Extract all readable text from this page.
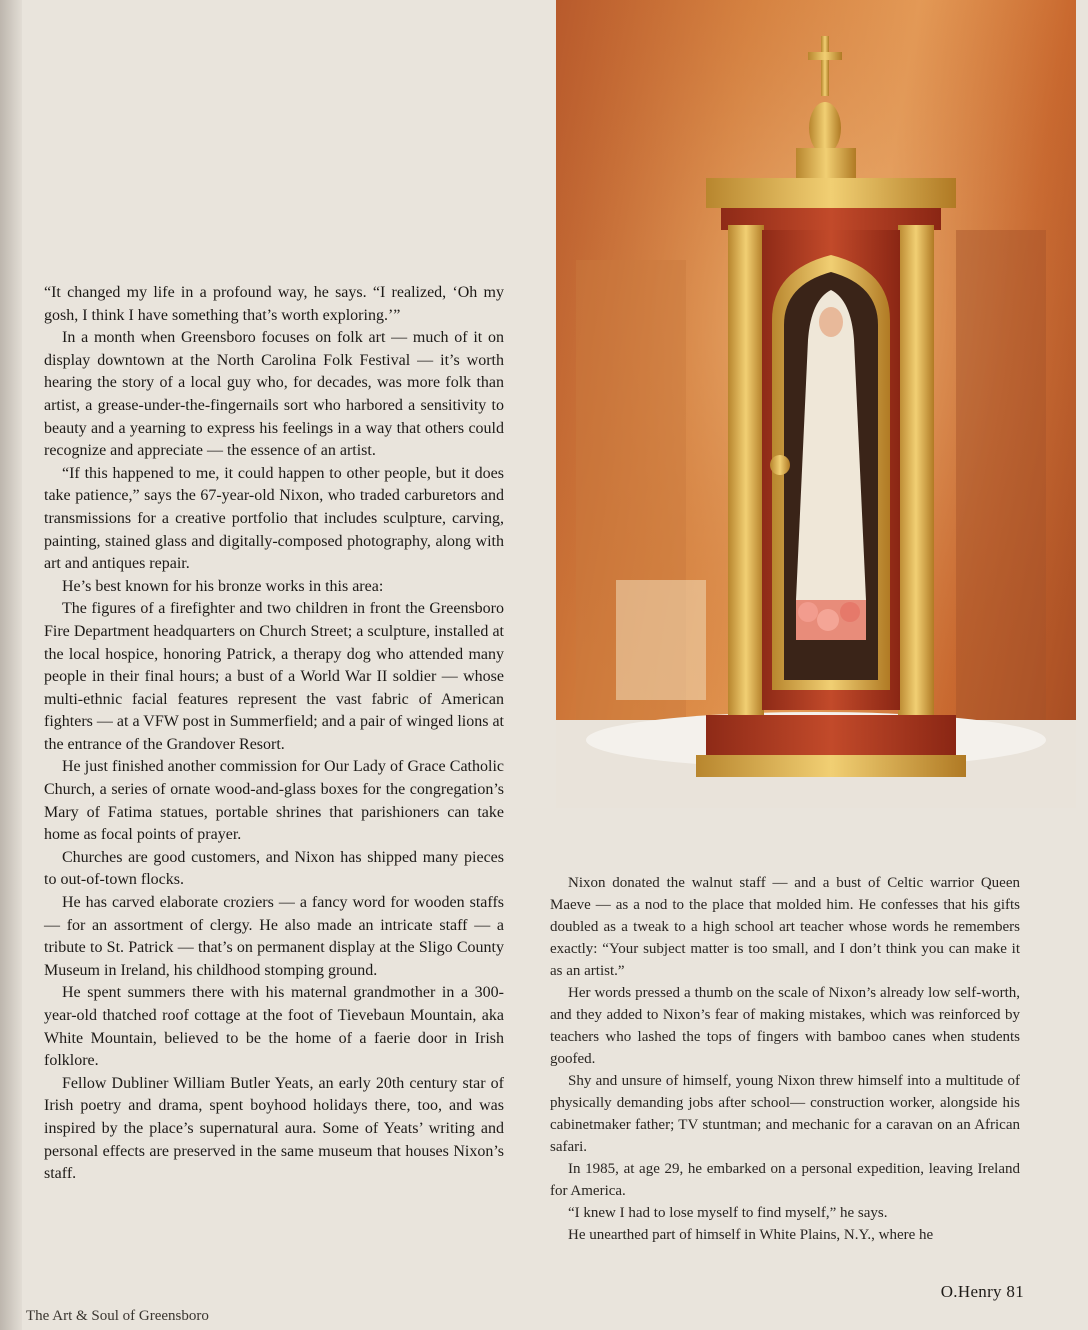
“It changed my life in a profound way, he says. “I realized, ‘Oh my gosh, I think I have something that’s worth exploring.’”

In a month when Greensboro focuses on folk art — much of it on display downtown at the North Carolina Folk Festival — it’s worth hearing the story of a local guy who, for decades, was more folk than artist, a grease-under-the-fingernails sort who harbored a sensitivity to beauty and a yearning to express his feelings in a way that others could recognize and appreciate — the essence of an artist.

“If this happened to me, it could happen to other people, but it does take patience,” says the 67-year-old Nixon, who traded carburetors and transmissions for a creative portfolio that includes sculpture, carving, painting, stained glass and digitally-composed photography, along with art and antiques repair.

He’s best known for his bronze works in this area:

The figures of a firefighter and two children in front the Greensboro Fire Department headquarters on Church Street; a sculpture, installed at the local hospice, honoring Patrick, a therapy dog who attended many people in their final hours; a bust of a World War II soldier — whose multi-ethnic facial features represent the vast fabric of American fighters — at a VFW post in Summerfield; and a pair of winged lions at the entrance of the Grandover Resort.

He just finished another commission for Our Lady of Grace Catholic Church, a series of ornate wood-and-glass boxes for the congregation’s Mary of Fatima statues, portable shrines that parishioners can take home as focal points of prayer.

Churches are good customers, and Nixon has shipped many pieces to out-of-town flocks.

He has carved elaborate croziers — a fancy word for wooden staffs — for an assortment of clergy. He also made an intricate staff — a tribute to St. Patrick — that’s on permanent display at the Sligo County Museum in Ireland, his childhood stomping ground.

He spent summers there with his maternal grandmother in a 300-year-old thatched roof cottage at the foot of Tievebaun Mountain, aka White Mountain, believed to be the home of a faerie door in Irish folklore.

Fellow Dubliner William Butler Yeats, an early 20th century star of Irish poetry and drama, spent boyhood holidays there, too, and was inspired by the place’s supernatural aura. Some of Yeats’ writing and personal effects are preserved in the same museum that houses Nixon’s staff.

Nixon donated the walnut staff — and a bust of Celtic warrior Queen Maeve — as a nod to the place that molded him. He confesses that his gifts doubled as a tweak to a high school art teacher whose words he remembers exactly: “Your subject matter is too small, and I don’t think you can make it as an artist.”

Her words pressed a thumb on the scale of Nixon’s already low self-worth, and they added to Nixon’s fear of making mistakes, which was reinforced by teachers who lashed the tops of fingers with bamboo canes when students goofed.

Shy and unsure of himself, young Nixon threw himself into a multitude of physically demanding jobs after school— construction worker, alongside his cabinetmaker father; TV stuntman; and mechanic for a caravan on an African safari.

In 1985, at age 29, he embarked on a personal expedition, leaving Ireland for America.

“I knew I had to lose myself to find myself,” he says.

He unearthed part of himself in White Plains, N.Y., where he

O.Henry 81
The Art & Soul of Greensboro
